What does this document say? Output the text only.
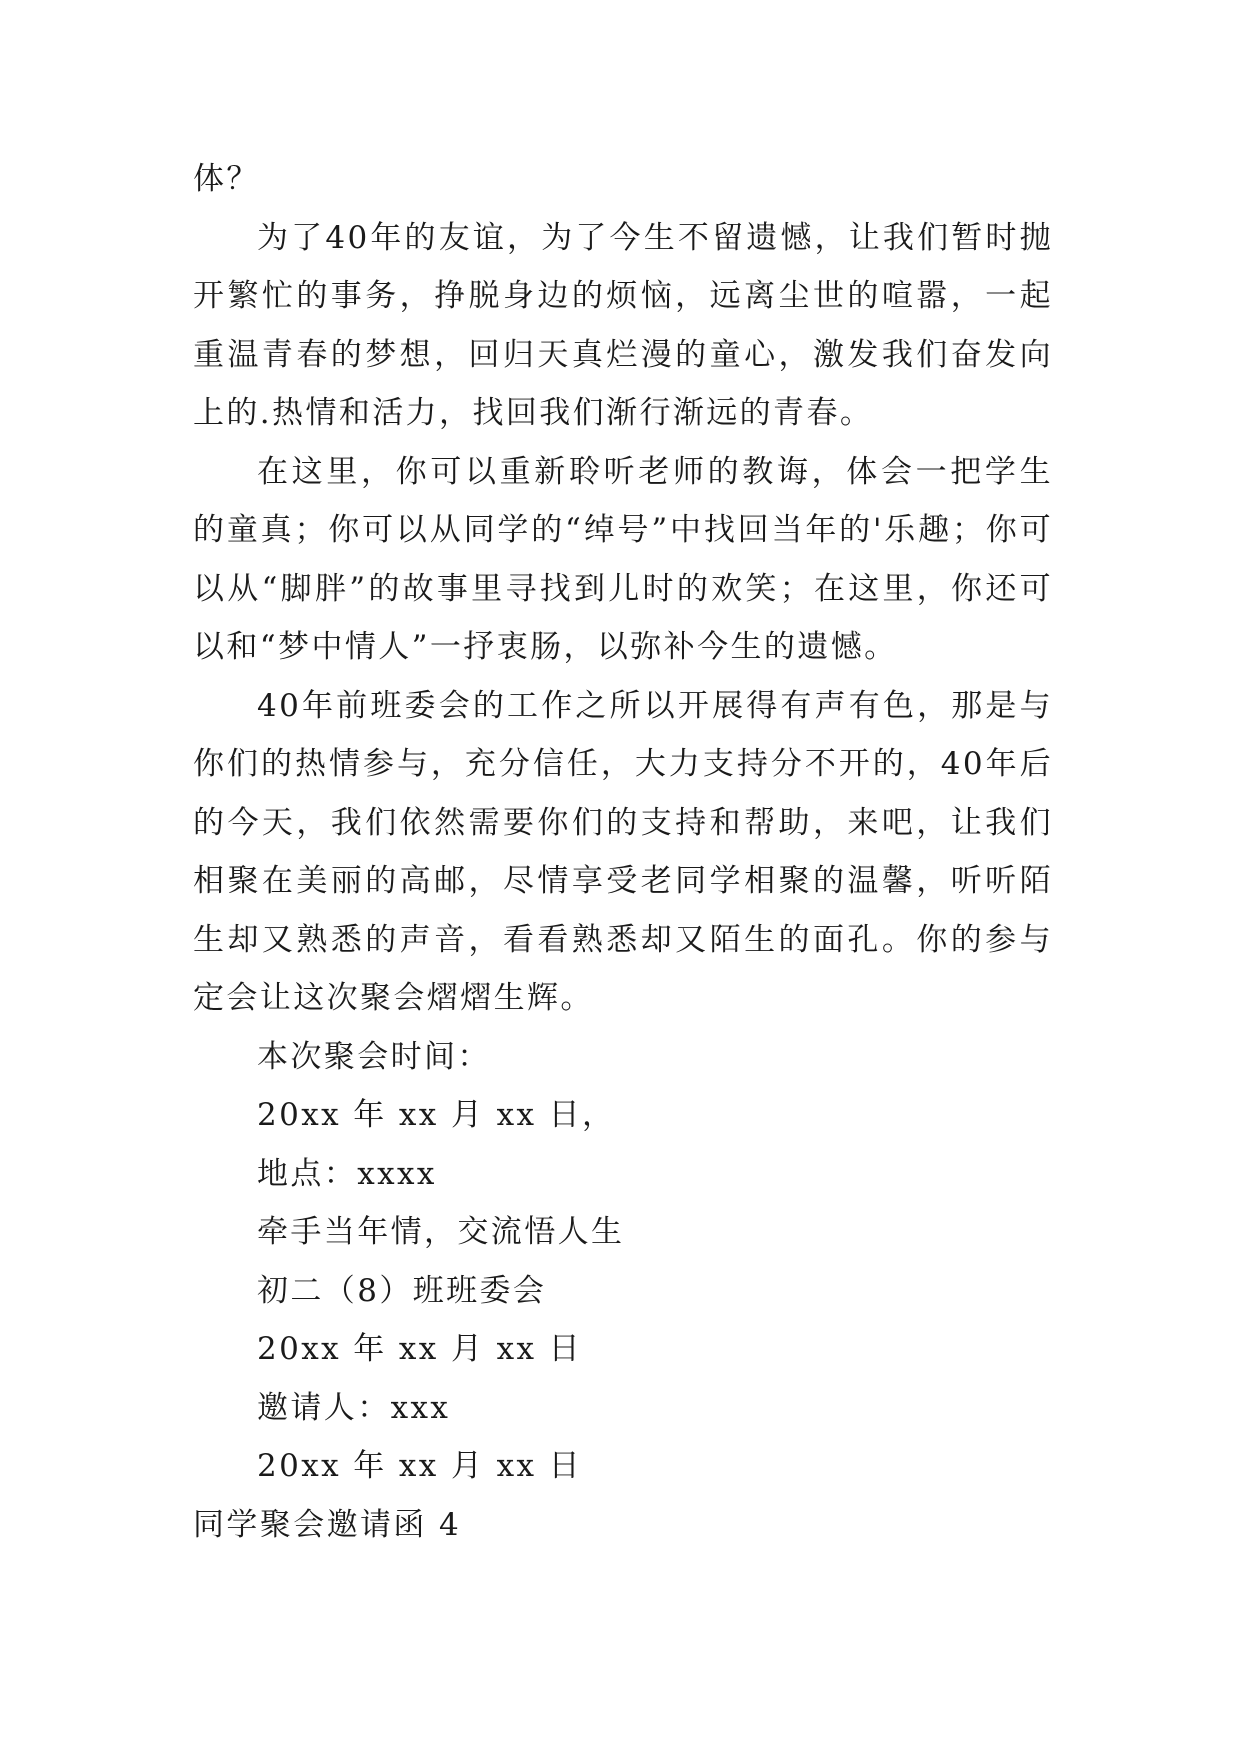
体？

为了40年的友谊，为了今生不留遗憾，让我们暂时抛开繁忙的事务，挣脱身边的烦恼，远离尘世的喧嚣，一起重温青春的梦想，回归天真烂漫的童心，激发我们奋发向上的.热情和活力，找回我们渐行渐远的青春。

在这里，你可以重新聆听老师的教诲，体会一把学生的童真；你可以从同学的“绰号”中找回当年的'乐趣；你可以从“脚胖”的故事里寻找到儿时的欢笑；在这里，你还可以和“梦中情人”一抒衷肠，以弥补今生的遗憾。

40年前班委会的工作之所以开展得有声有色，那是与你们的热情参与，充分信任，大力支持分不开的，40年后的今天，我们依然需要你们的支持和帮助，来吧，让我们相聚在美丽的高邮，尽情享受老同学相聚的温馨，听听陌生却又熟悉的声音，看看熟悉却又陌生的面孔。你的参与定会让这次聚会熠熠生辉。

本次聚会时间：

20xx 年 xx 月 xx 日，

地点：xxxx

牵手当年情，交流悟人生

初二（8）班班委会

20xx 年 xx 月 xx 日

邀请人：xxx

20xx 年 xx 月 xx 日

同学聚会邀请函 4
